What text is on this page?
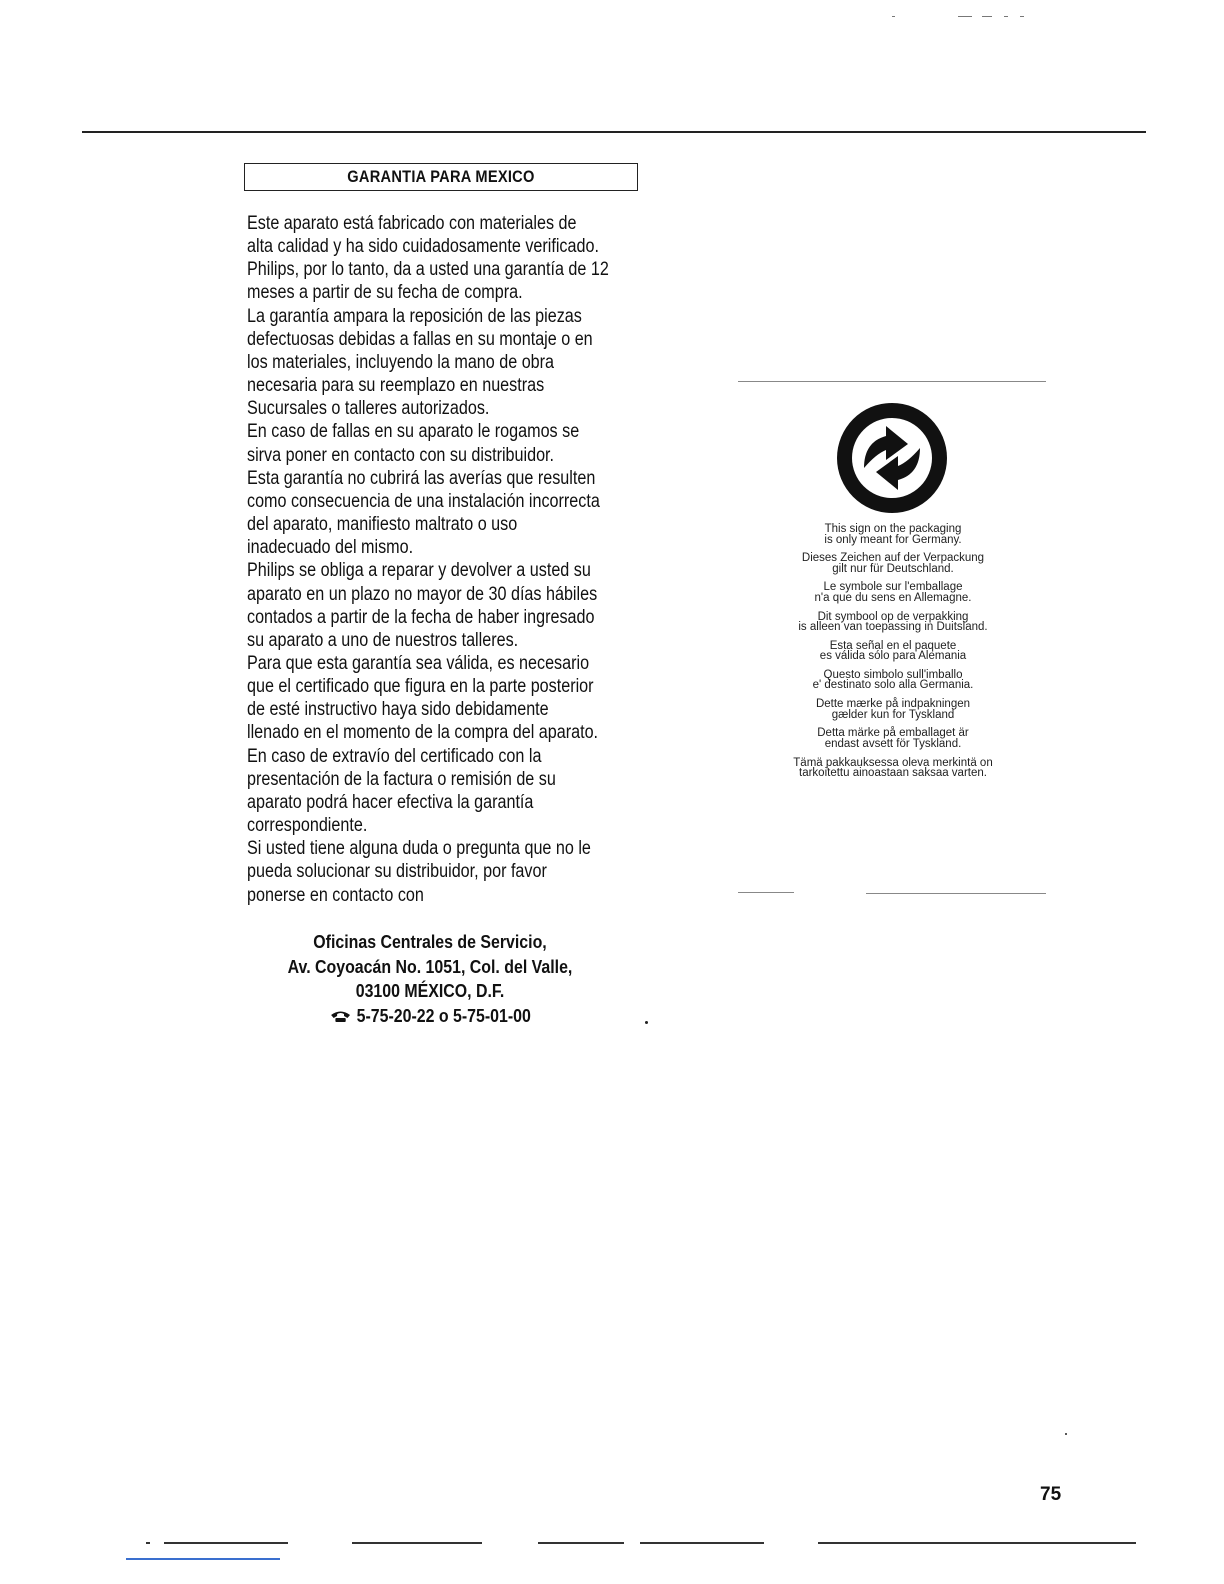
GARANTIA PARA MEXICO
Este aparato está fabricado con materiales de
alta calidad y ha sido cuidadosamente verificado.
Philips, por lo tanto, da a usted una garantía de 12
meses a partir de su fecha de compra.
La garantía ampara la reposición de las piezas
defectuosas debidas a fallas en su montaje o en
los materiales, incluyendo la mano de obra
necesaria para su reemplazo en nuestras
Sucursales o talleres autorizados.
En caso de fallas en su aparato le rogamos se
sirva poner en contacto con su distribuidor.
Esta garantía no cubrirá las averías que resulten
como consecuencia de una instalación incorrecta
del aparato, manifiesto maltrato o uso
inadecuado del mismo.
Philips se obliga a reparar y devolver a usted su
aparato en un plazo no mayor de 30 días hábiles
contados a partir de la fecha de haber ingresado
su aparato a uno de nuestros talleres.
Para que esta garantía sea válida, es necesario
que el certificado que figura en la parte posterior
de esté instructivo haya sido debidamente
llenado en el momento de la compra del aparato.
En caso de extravío del certificado con la
presentación de la factura o remisión de su
aparato podrá hacer efectiva la garantía
correspondiente.
Si usted tiene alguna duda o pregunta que no le
pueda solucionar su distribuidor, por favor
ponerse en contacto con
Oficinas Centrales de Servicio,
Av. Coyoacán No. 1051, Col. del Valle,
03100 MÉXICO, D.F.
5-75-20-22 o 5-75-01-00
This sign on the packaging
is only meant for Germany.
Dieses Zeichen auf der Verpackung
gilt nur für Deutschland.
Le symbole sur l'emballage
n'a que du sens en Allemagne.
Dit symbool op de verpakking
is alleen van toepassing in Duitsland.
Esta señal en el paquete
es válida sólo para Alemania
Questo simbolo sull'imballo
e' destinato solo alla Germania.
Dette mærke på indpakningen
gælder kun for Tyskland
Detta märke på emballaget är
endast avsett för Tyskland.
Tämä pakkauksessa oleva merkintä on
tarkoitettu ainoastaan saksaa varten.
75
